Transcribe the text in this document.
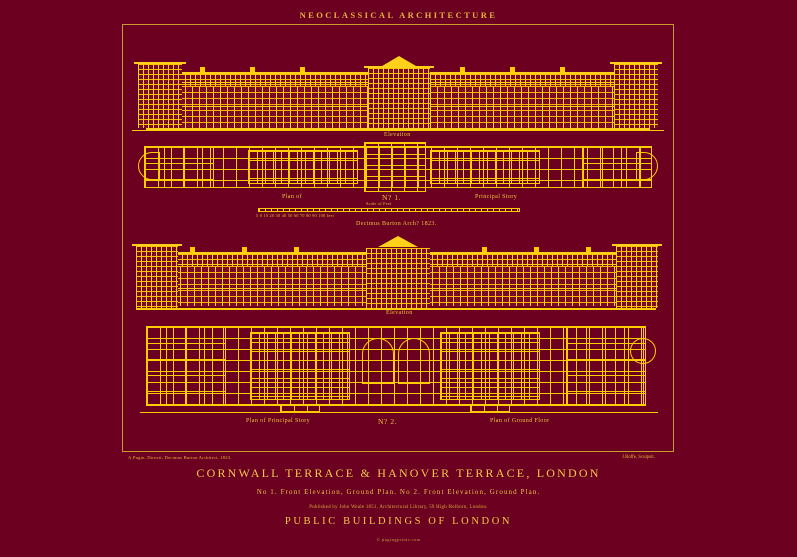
NEOCLASSICAL ARCHITECTURE
Elevation
Plan of	N? 1.	Principal Story
5 0 10 20 30 40 50 60 70 80 90 100 feet
Scale of Feet
Decimus Burton Arch? 1823.
Elevation
Plan of Principal Story	N? 2.	Plan of Ground Floor
A.Pugin, Direxit; Decimus Burton Architect, 1823.	J.Roffe, Sculpsit.
CORNWALL TERRACE & HANOVER TERRACE, LONDON
No 1. Front Elevation, Ground Plan. No 2. Front Elevation, Ground Plan.
Published by John Weale 1851, Architectural Library, 59 High Holborn, London.
PUBLIC BUILDINGS OF LONDON
© pugingprints.com
